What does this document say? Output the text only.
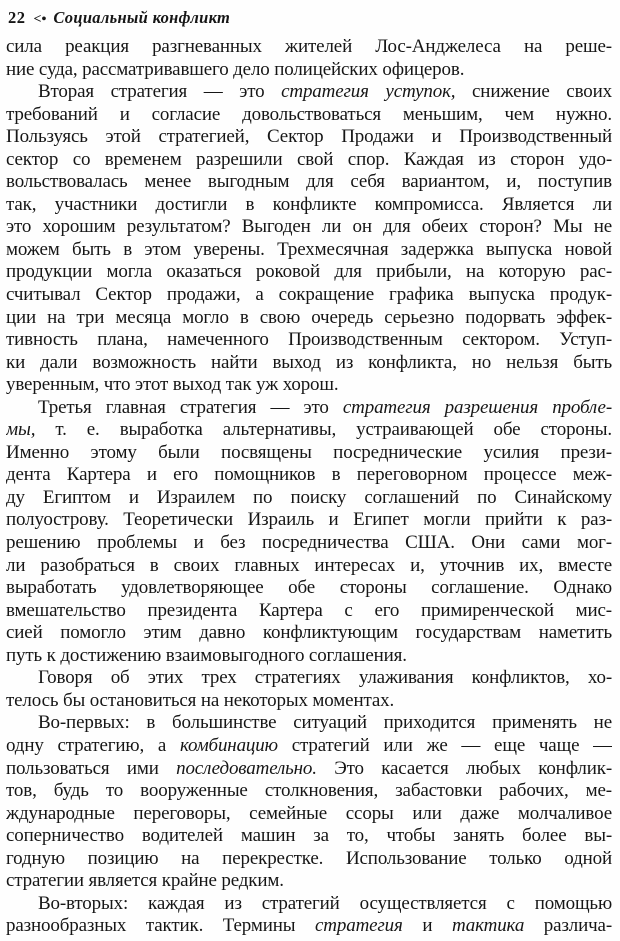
22 <• Социальный конфликт
сила реакция разгневанных жителей Лос-Анджелеса на реше-
ние суда, рассматривавшего дело полицейских офицеров.
Вторая стратегия — это стратегия уступок, снижение своих
требований и согласие довольствоваться меньшим, чем нужно.
Пользуясь этой стратегией, Сектор Продажи и Производственный
сектор со временем разрешили свой спор. Каждая из сторон удо-
вольствовалась менее выгодным для себя вариантом, и, поступив
так, участники достигли в конфликте компромисса. Является ли
это хорошим результатом? Выгоден ли он для обеих сторон? Мы не
можем быть в этом уверены. Трехмесячная задержка выпуска новой
продукции могла оказаться роковой для прибыли, на которую рас-
считывал Сектор продажи, а сокращение графика выпуска продук-
ции на три месяца могло в свою очередь серьезно подорвать эффек-
тивность плана, намеченного Производственным сектором. Уступ-
ки дали возможность найти выход из конфликта, но нельзя быть
уверенным, что этот выход так уж хорош.
Третья главная стратегия — это стратегия разрешения пробле-
мы, т. е. выработка альтернативы, устраивающей обе стороны.
Именно этому были посвящены посреднические усилия прези-
дента Картера и его помощников в переговорном процессе меж-
ду Египтом и Израилем по поиску соглашений по Синайскому
полуострову. Теоретически Израиль и Египет могли прийти к раз-
решению проблемы и без посредничества США. Они сами мог-
ли разобраться в своих главных интересах и, уточнив их, вместе
выработать удовлетворяющее обе стороны соглашение. Однако
вмешательство президента Картера с его примиренческой мис-
сией помогло этим давно конфликтующим государствам наметить
путь к достижению взаимовыгодного соглашения.
Говоря об этих трех стратегиях улаживания конфликтов, хо-
телось бы остановиться на некоторых моментах.
Во-первых: в большинстве ситуаций приходится применять не
одну стратегию, а комбинацию стратегий или же — еще чаще —
пользоваться ими последовательно. Это касается любых конфлик-
тов, будь то вооруженные столкновения, забастовки рабочих, ме-
ждународные переговоры, семейные ссоры или даже молчаливое
соперничество водителей машин за то, чтобы занять более вы-
годную позицию на перекрестке. Использование только одной
стратегии является крайне редким.
Во-вторых: каждая из стратегий осуществляется с помощью
разнообразных тактик. Термины стратегия и тактика различа-
